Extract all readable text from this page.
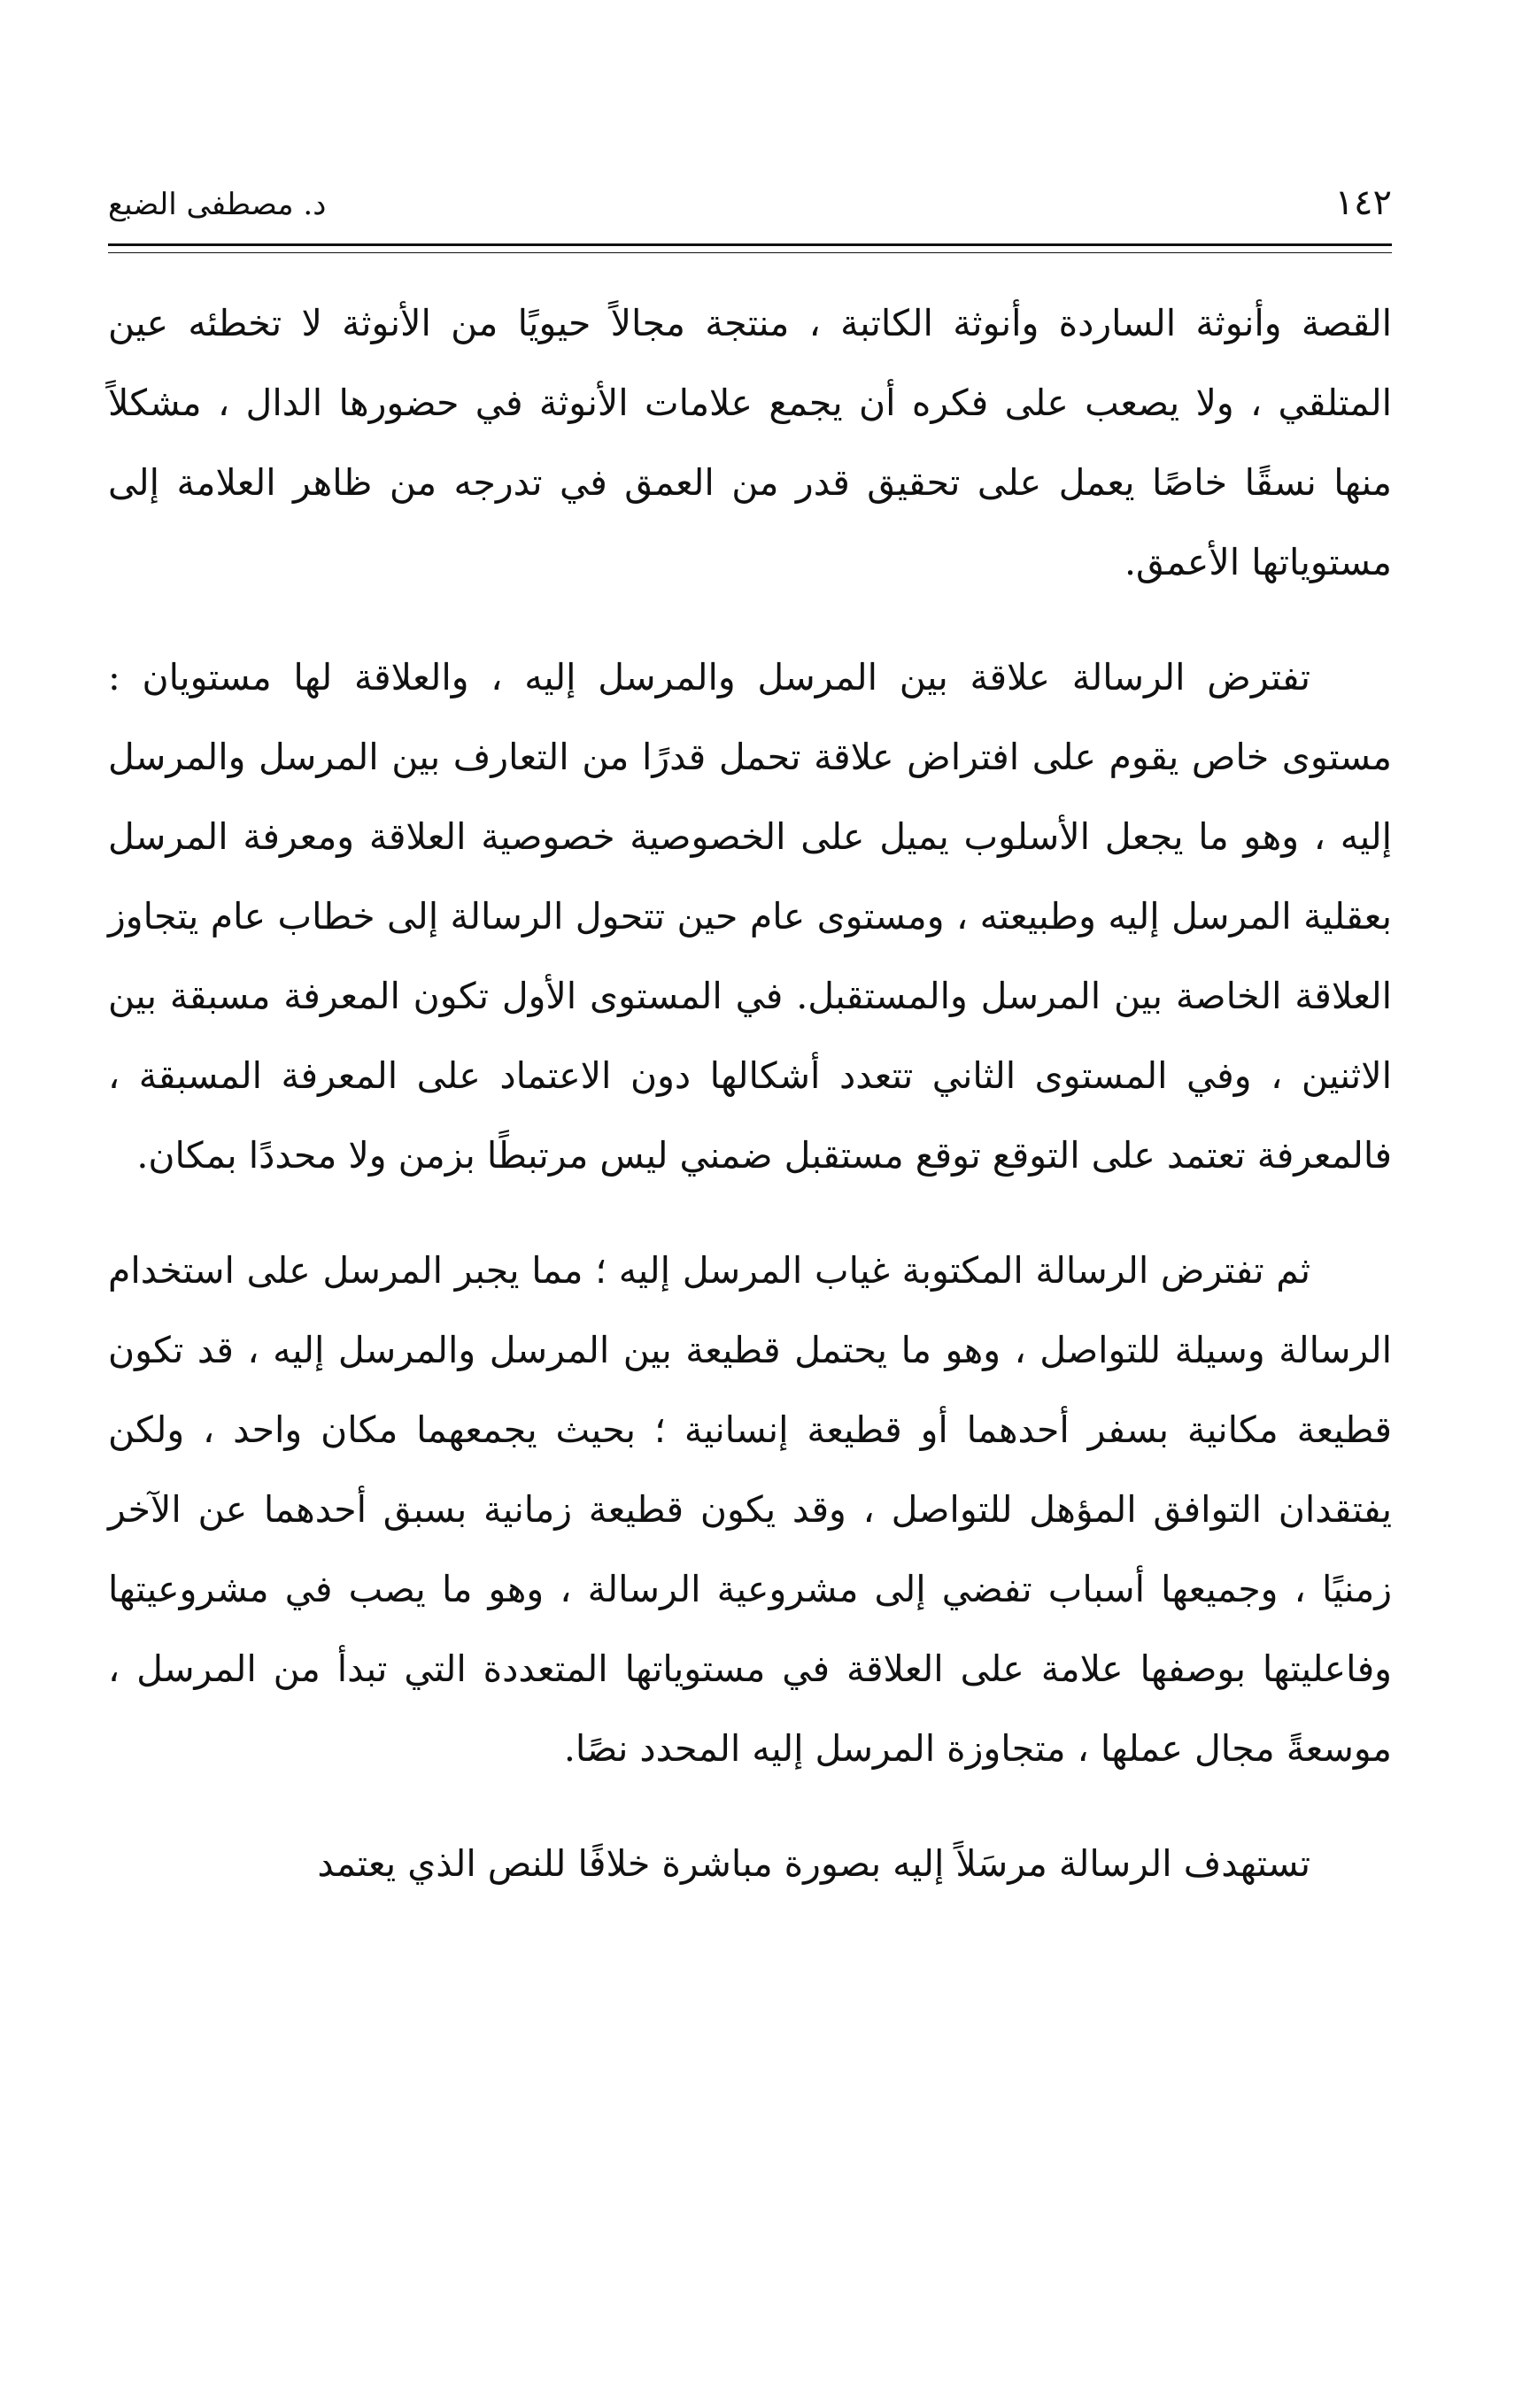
١٤٢
د. مصطفى الضبع

القصة وأنوثة الساردة وأنوثة الكاتبة ، منتجة مجالاً حيويًا من الأنوثة لا تخطئه عين المتلقي ، ولا يصعب على فكره أن يجمع علامات الأنوثة في حضورها الدال ، مشكلاً منها نسقًا خاصًا يعمل على تحقيق قدر من العمق في تدرجه من ظاهر العلامة إلى مستوياتها الأعمق.

تفترض الرسالة علاقة بين المرسل والمرسل إليه ، والعلاقة لها مستويان : مستوى خاص يقوم على افتراض علاقة تحمل قدرًا من التعارف بين المرسل والمرسل إليه ، وهو ما يجعل الأسلوب يميل على الخصوصية خصوصية العلاقة ومعرفة المرسل بعقلية المرسل إليه وطبيعته ، ومستوى عام حين تتحول الرسالة إلى خطاب عام يتجاوز العلاقة الخاصة بين المرسل والمستقبل. في المستوى الأول تكون المعرفة مسبقة بين الاثنين ، وفي المستوى الثاني تتعدد أشكالها دون الاعتماد على المعرفة المسبقة ، فالمعرفة تعتمد على التوقع توقع مستقبل ضمني ليس مرتبطًا بزمن ولا محددًا بمكان.

ثم تفترض الرسالة المكتوبة غياب المرسل إليه ؛ مما يجبر المرسل على استخدام الرسالة وسيلة للتواصل ، وهو ما يحتمل قطيعة بين المرسل والمرسل إليه ، قد تكون قطيعة مكانية بسفر أحدهما أو قطيعة إنسانية ؛ بحيث يجمعهما مكان واحد ، ولكن يفتقدان التوافق المؤهل للتواصل ، وقد يكون قطيعة زمانية بسبق أحدهما عن الآخر زمنيًا ، وجميعها أسباب تفضي إلى مشروعية الرسالة ، وهو ما يصب في مشروعيتها وفاعليتها بوصفها علامة على العلاقة في مستوياتها المتعددة التي تبدأ من المرسل ، موسعةً مجال عملها ، متجاوزة المرسل إليه المحدد نصًا.

تستهدف الرسالة مرسَلاً إليه بصورة مباشرة خلافًا للنص الذي يعتمد
